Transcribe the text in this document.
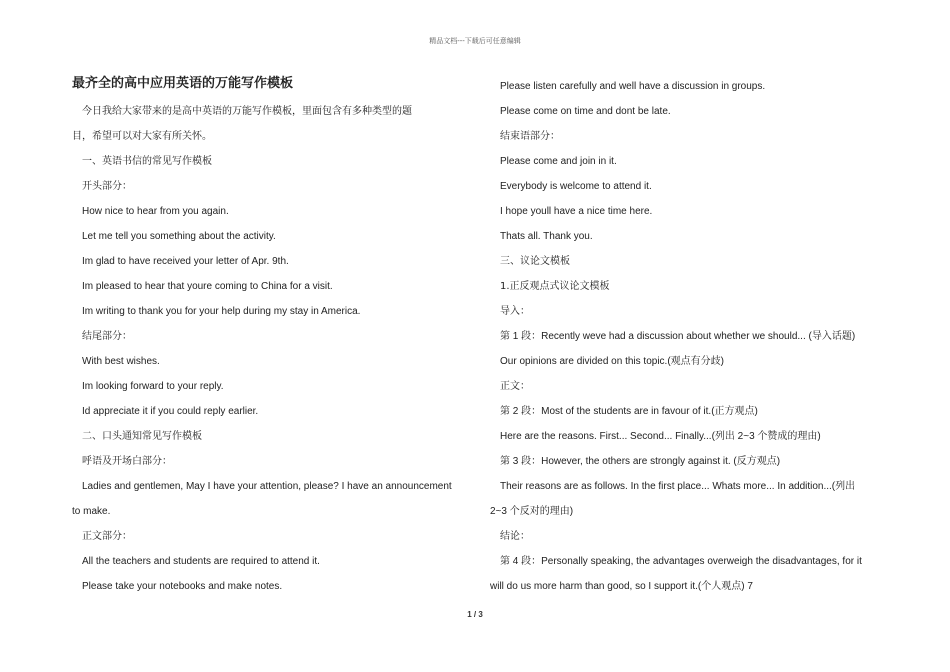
精品文档---下载后可任意编辑
最齐全的高中应用英语的万能写作模板
今日我给大家带来的是高中英语的万能写作模板，里面包含有多种类型的题
目，希望可以对大家有所关怀。
一、英语书信的常见写作模板
开头部分：
How nice to hear from you again.
Let me tell you something about the activity.
Im glad to have received your letter of Apr. 9th.
Im pleased to hear that youre coming to China for a visit.
Im writing to thank you for your help during my stay in America.
结尾部分：
With best wishes.
Im looking forward to your reply.
Id appreciate it if you could reply earlier.
二、口头通知常见写作模板
呼语及开场白部分：
Ladies and gentlemen, May I have your attention, please? I have an announcement
to make.
正文部分：
All the teachers and students are required to attend it.
Please take your notebooks and make notes.
Please listen carefully and well have a discussion in groups.
Please come on time and dont be late.
结束语部分：
Please come and join in it.
Everybody is welcome to attend it.
I hope youll have a nice time here.
Thats all. Thank you.
三、议论文模板
1.正反观点式议论文模板
导入：
第 1 段：Recently weve had a discussion about whether we should... (导入话题)
Our opinions are divided on this topic.(观点有分歧)
正文：
第 2 段：Most of the students are in favour of it.(正方观点)
Here are the reasons. First... Second... Finally...(列出 2~3 个赞成的理由)
第 3 段：However, the others are strongly against it. (反方观点)
Their reasons are as follows. In the first place... Whats more... In addition...(列出
2~3 个反对的理由)
结论：
第 4 段：Personally speaking, the advantages overweigh the disadvantages, for it
will do us more harm than good, so I support it.(个人观点) 7
1 / 3
